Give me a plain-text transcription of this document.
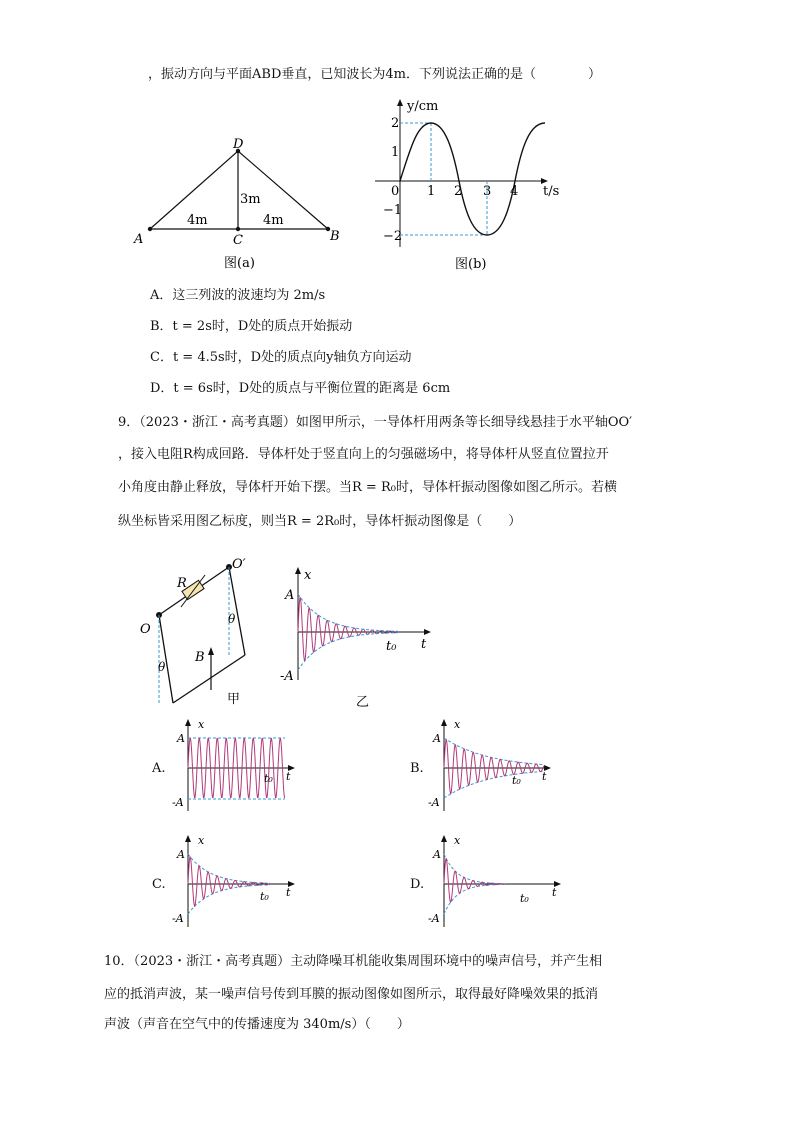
，振动方向与平面ABD垂直，已知波长为4m．下列说法正确的是（　　　　）
D
A	C	B
4m	4m
3m
图(a)
y/cm
t/s
2
1
0
−1
−2
1 2 3 4
图(b)
A．这三列波的波速均为 2m/s
B．t = 2s时，D处的质点开始振动
C．t = 4.5s时，D处的质点向y轴负方向运动
D．t = 6s时，D处的质点与平衡位置的距离是 6cm
9．（2023・浙江・高考真题）如图甲所示，一导体杆用两条等长细导线悬挂于水平轴OO′
，接入电阻R构成回路．导体杆处于竖直向上的匀强磁场中，将导体杆从竖直位置拉开
小角度由静止释放，导体杆开始下摆。当R = R₀时，导体杆振动图像如图乙所示。若横
纵坐标皆采用图乙标度，则当R = 2R₀时，导体杆振动图像是（　　）
O
O′
R
B
θ
θ
甲
x
t
A
-A
t₀
乙
A.
x
A
-A
t₀ t
B.
x
A
-A
t₀ t
C.
x
A
-A
t₀ t
D.
x
A
-A
t₀ t
10．（2023・浙江・高考真题）主动降噪耳机能收集周围环境中的噪声信号，并产生相
应的抵消声波，某一噪声信号传到耳膜的振动图像如图所示，取得最好降噪效果的抵消
声波（声音在空气中的传播速度为 340m/s）（　　）
